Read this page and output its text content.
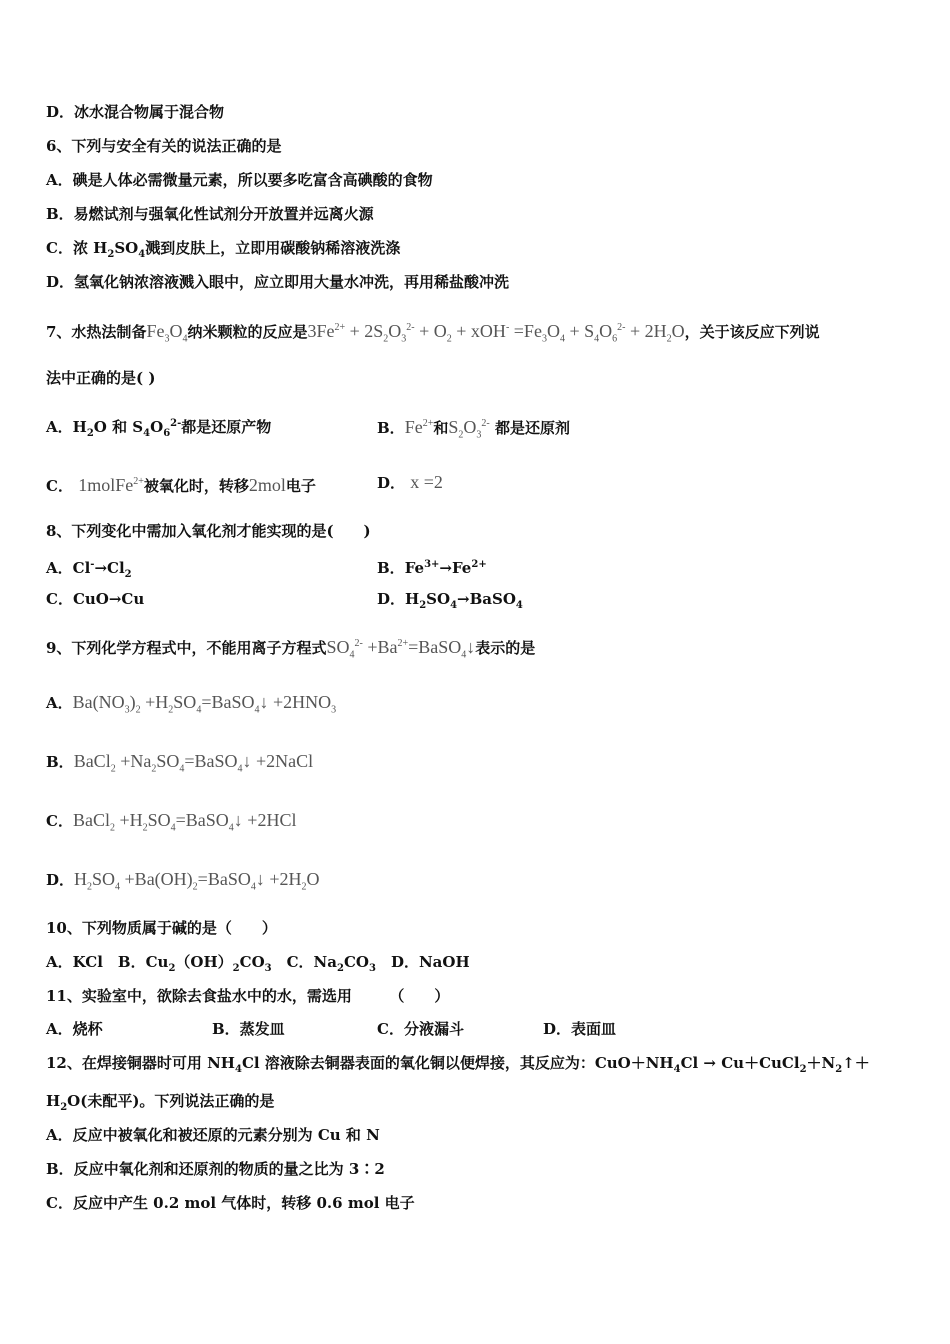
D．冰水混合物属于混合物
6、下列与安全有关的说法正确的是
A．碘是人体必需微量元素，所以要多吃富含高碘酸的食物
B．易燃试剂与强氧化性试剂分开放置并远离火源
C．浓 $H_2SO_4$溅到皮肤上，立即用碳酸钠稀溶液洗涤
D．氢氧化钠浓溶液溅入眼中，应立即用大量水冲洗，再用稀盐酸冲洗
7、水热法制备$Fe_3O_4$纳米颗粒的反应是$3Fe^{2+} + 2S_2O_3^{2-} + O_2 + xOH^- =Fe_3O_4 + S_4O_6^{2-} + 2H_2O$，关于该反应下列说
法中正确的是( )
A．$H_2O$ 和 $S_4O_6^{2-}$都是还原产物	B．$Fe^{2+}$和$S_2O_3^{2-}$ 都是还原剂
C． 1molFe$^{2+}$被氧化时，转移2mol电子	D． x =2
8、下列变化中需加入氧化剂才能实现的是(　　)
A．$Cl^-\to Cl_2$	B．$Fe^{3+}\to Fe^{2+}$
C．CuO→Cu	D．$H_2SO_4\to BaSO_4$
9、下列化学方程式中，不能用离子方程式$SO_4^{2-}$ $+Ba^{2+}=BaSO_4↓$表示的是
A．$Ba(NO_3)_2$ $+H_2SO_4=BaSO_4↓ +2HNO_3$
B．BaCl$_2$ $+Na_2SO_4=BaSO_4↓$ +2NaCl
C．BaCl$_2$ $+H_2SO_4=BaSO_4↓ +2HCl$
D．$H_2SO_4$ $+Ba(OH)_2=BaSO_4↓ +2H_2O$
10、下列物质属于碱的是（　　）
A．KCl　B．$Cu_2(OH)_2CO_3$　C．$Na_2CO_3$　D．NaOH
11、实验室中，欲除去食盐水中的水，需选用　　　（　　）
A．烧杯	B．蒸发皿	C．分液漏斗	D．表面皿
12、在焊接铜器时可用 $NH_4Cl$ 溶液除去铜器表面的氧化铜以便焊接，其反应为：$CuO+NH_4Cl$ → $Cu+CuCl_2+N_2↑+$
$H_2O$(未配平)。下列说法正确的是
A．反应中被氧化和被还原的元素分别为 Cu 和 N
B．反应中氧化剂和还原剂的物质的量之比为 3∶2
C．反应中产生 0.2 mol 气体时，转移 0.6 mol 电子
